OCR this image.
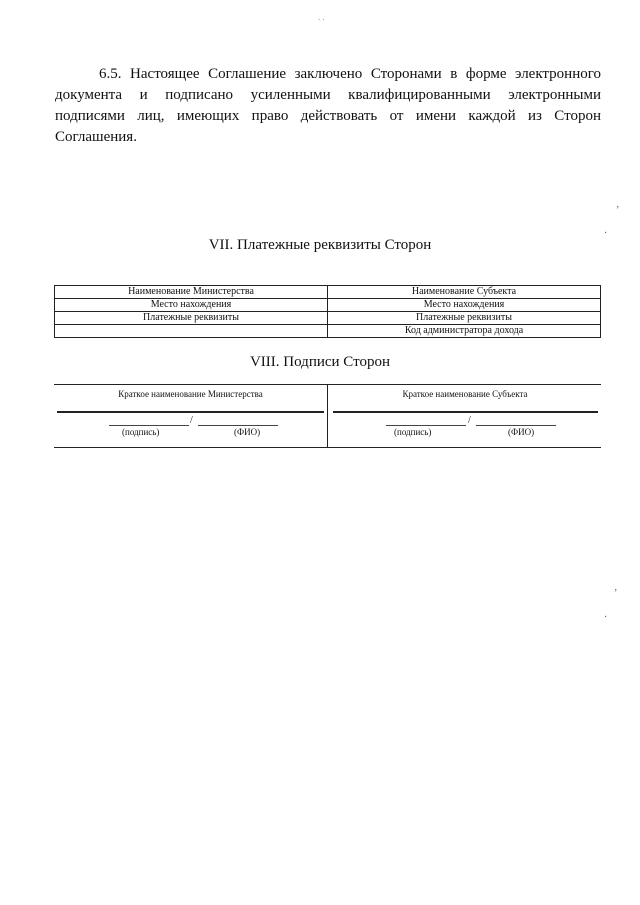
6.5. Настоящее Соглашение заключено Сторонами в форме электронного документа и подписано усиленными квалифицированными электронными подписями лиц, имеющих право действовать от имени каждой из Сторон Соглашения.

VII. Платежные реквизиты Сторон
Наименование Министерства	Наименование Субъекта
Место нахождения	Место нахождения
Платежные реквизиты	Платежные реквизиты
	Код администратора дохода
VIII. Подписи Сторон
Краткое наименование Министерства
/
(подпись)	(ФИО)
Краткое наименование Субъекта
/
(подпись)	(ФИО)
ʼ
·
ʼ
·
· ·
